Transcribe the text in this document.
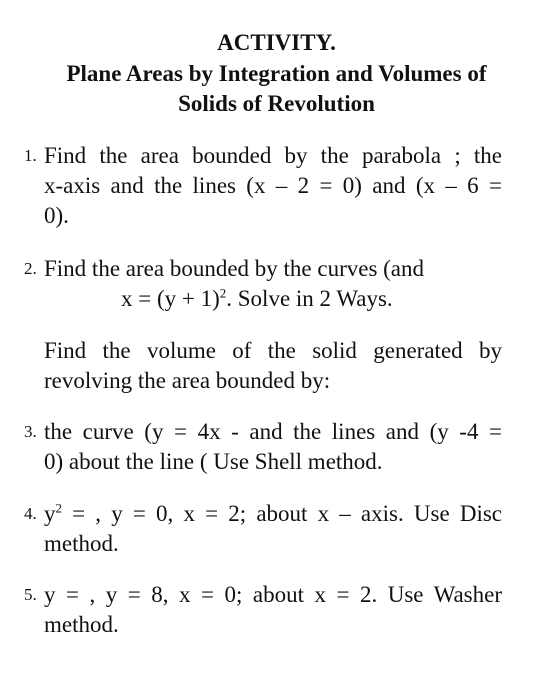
ACTIVITY.
Plane Areas by Integration and Volumes of
Solids of Revolution
1. Find the area bounded by the parabola ; the
x-axis and the lines (x – 2 = 0) and (x – 6 =
0).
2. Find the area bounded by the curves (and
$x = (y + 1)^2$. Solve in 2 Ways.
Find the volume of the solid generated by
revolving the area bounded by:
3. the curve (y = 4x - and the lines and (y -4 =
0) about the line ( Use Shell method.
4. $y^2$ = , y = 0, x = 2; about x – axis. Use Disc
method.
5. y = , y = 8, x = 0; about x = 2. Use Washer
method.
